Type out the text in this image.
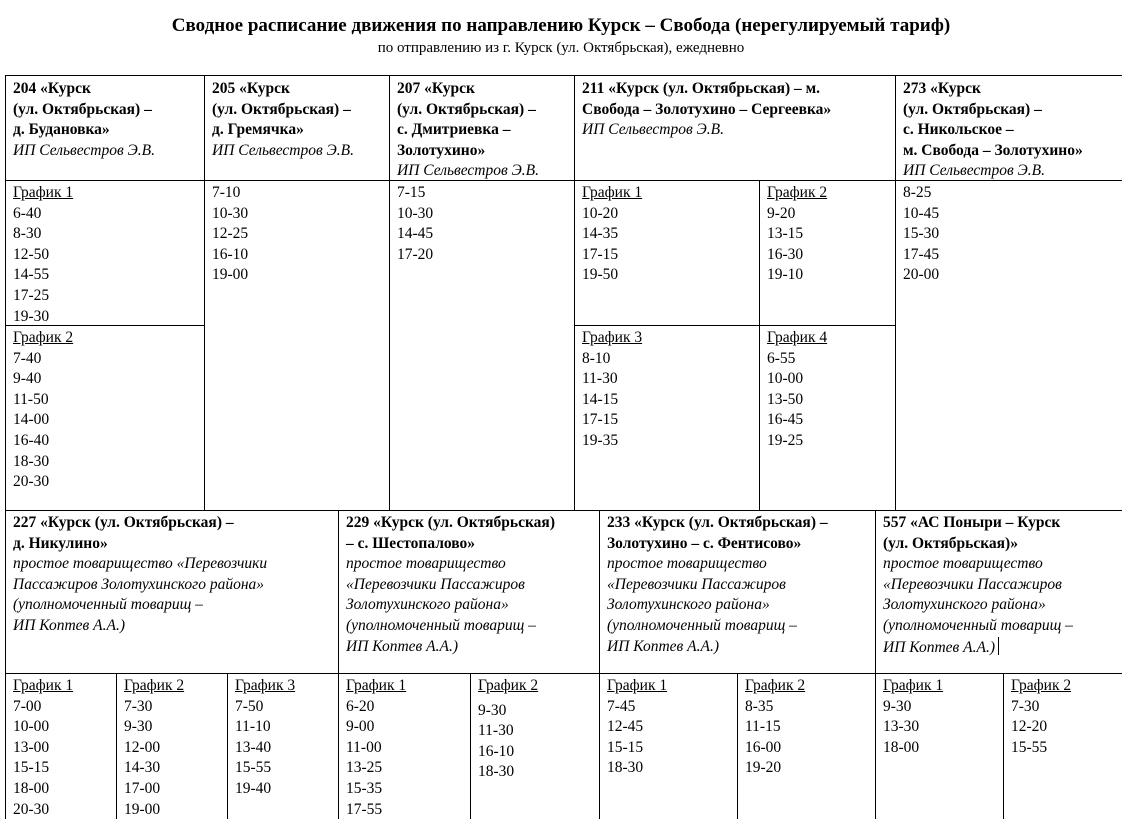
Сводное расписание движения по направлению Курск – Свобода (нерегулируемый тариф)
по отправлению из г. Курск (ул. Октябрьская), ежедневно
204 «Курск
(ул. Октябрьская) –
д. Будановка»
ИП Сельвестров Э.В.
205 «Курск
(ул. Октябрьская) –
д. Гремячка»
ИП Сельвестров Э.В.
207 «Курск
(ул. Октябрьская) –
с. Дмитриевка –
Золотухино»
ИП Сельвестров Э.В.
211 «Курск (ул. Октябрьская) – м.
Свобода – Золотухино – Сергеевка»
ИП Сельвестров Э.В.
273 «Курск
(ул. Октябрьская) –
с. Никольское –
м. Свобода – Золотухино»
ИП Сельвестров Э.В.
График 1
6-40
8-30
12-50
14-55
17-25
19-30
График 2
7-40
9-40
11-50
14-00
16-40
18-30
20-30
7-10
10-30
12-25
16-10
19-00
7-15
10-30
14-45
17-20
График 1
10-20
14-35
17-15
19-50
График 2
9-20
13-15
16-30
19-10
График 3
8-10
11-30
14-15
17-15
19-35
График 4
6-55
10-00
13-50
16-45
19-25
8-25
10-45
15-30
17-45
20-00
227 «Курск (ул. Октябрьская) –
д. Никулино»
простое товарищество «Перевозчики
Пассажиров Золотухинского района»
(уполномоченный товарищ –
ИП Коптев А.А.)
229 «Курск (ул. Октябрьская)
– с. Шестопалово»
простое товарищество
«Перевозчики Пассажиров
Золотухинского района»
(уполномоченный товарищ –
ИП Коптев А.А.)
233 «Курск (ул. Октябрьская) –
Золотухино – с. Фентисово»
простое товарищество
«Перевозчики Пассажиров
Золотухинского района»
(уполномоченный товарищ –
ИП Коптев А.А.)
557 «АС Поныри – Курск
(ул. Октябрьская)»
простое товарищество
«Перевозчики Пассажиров
Золотухинского района»
(уполномоченный товарищ –
ИП Коптев А.А.)
График 1
7-00
10-00
13-00
15-15
18-00
20-30
График 2
7-30
9-30
12-00
14-30
17-00
19-00
График 3
7-50
11-10
13-40
15-55
19-40
График 1
6-20
9-00
11-00
13-25
15-35
17-55
График 2
9-30
11-30
16-10
18-30
График 1
7-45
12-45
15-15
18-30
График 2
8-35
11-15
16-00
19-20
График 1
9-30
13-30
18-00
График 2
7-30
12-20
15-55
